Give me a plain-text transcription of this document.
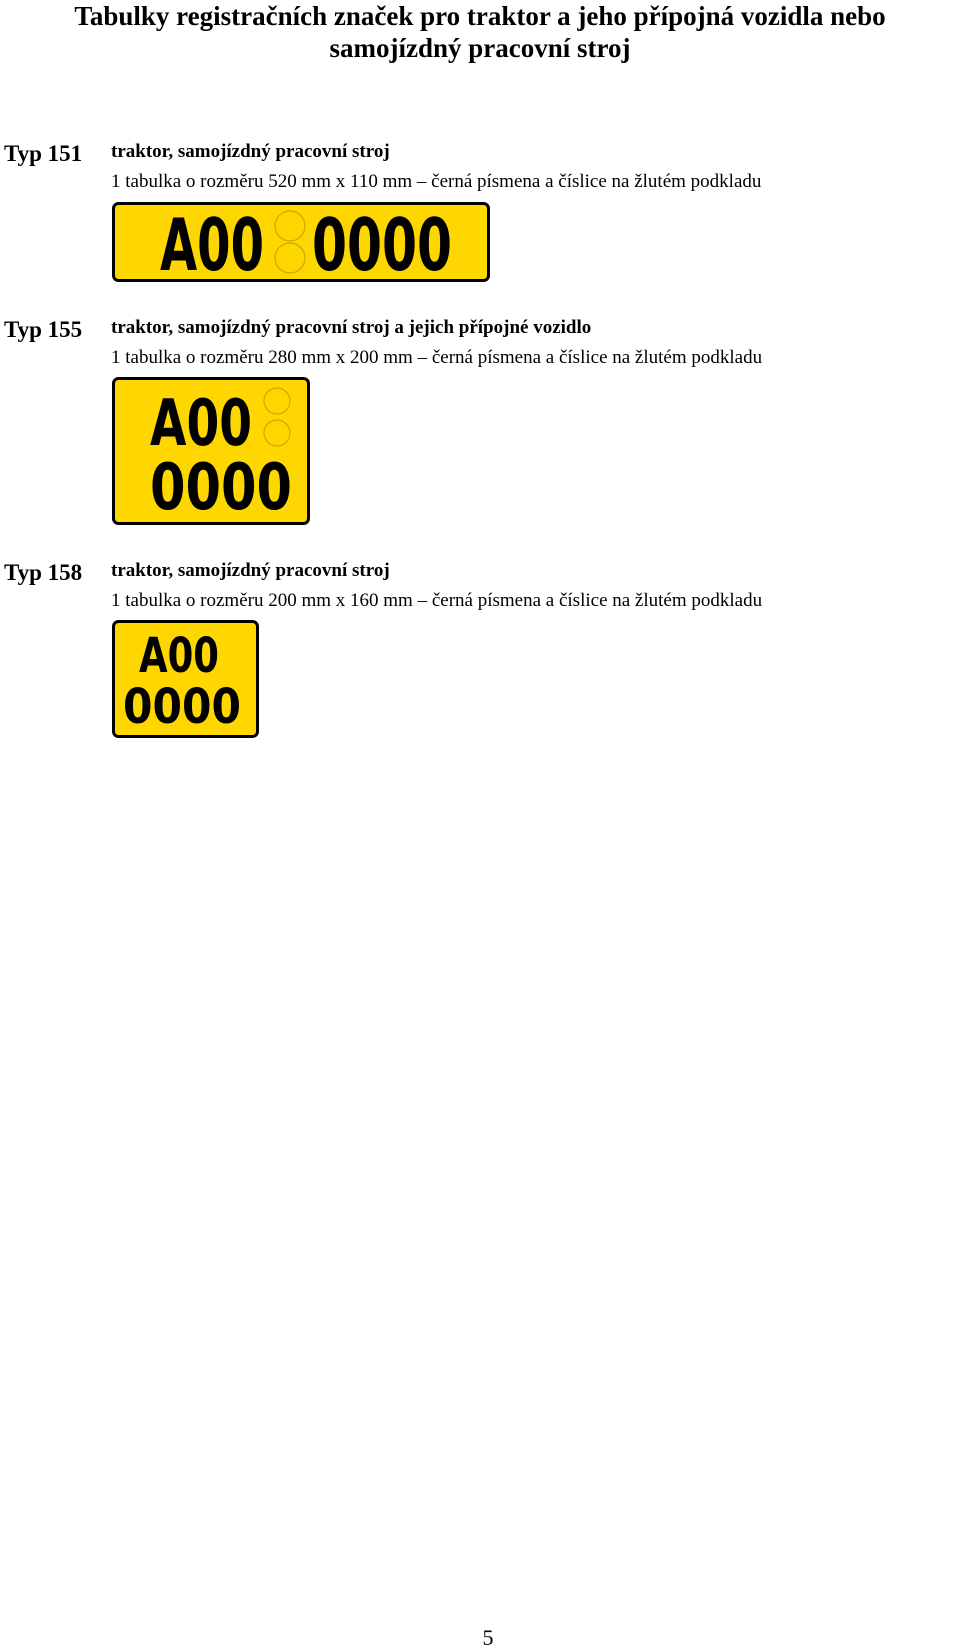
Tabulky registračních značek pro traktor a jeho přípojná vozidla nebo
samojízdný pracovní stroj
Typ 151 traktor, samojízdný pracovní stroj
1 tabulka o rozměru 520 mm x 110 mm – černá písmena a číslice na žlutém podkladu
A00 0000
Typ 155 traktor, samojízdný pracovní stroj a jejich přípojné vozidlo
1 tabulka o rozměru 280 mm x 200 mm – černá písmena a číslice na žlutém podkladu
A00
0000
Typ 158 traktor, samojízdný pracovní stroj
1 tabulka o rozměru 200 mm x 160 mm – černá písmena a číslice na žlutém podkladu
A00
0000
5
